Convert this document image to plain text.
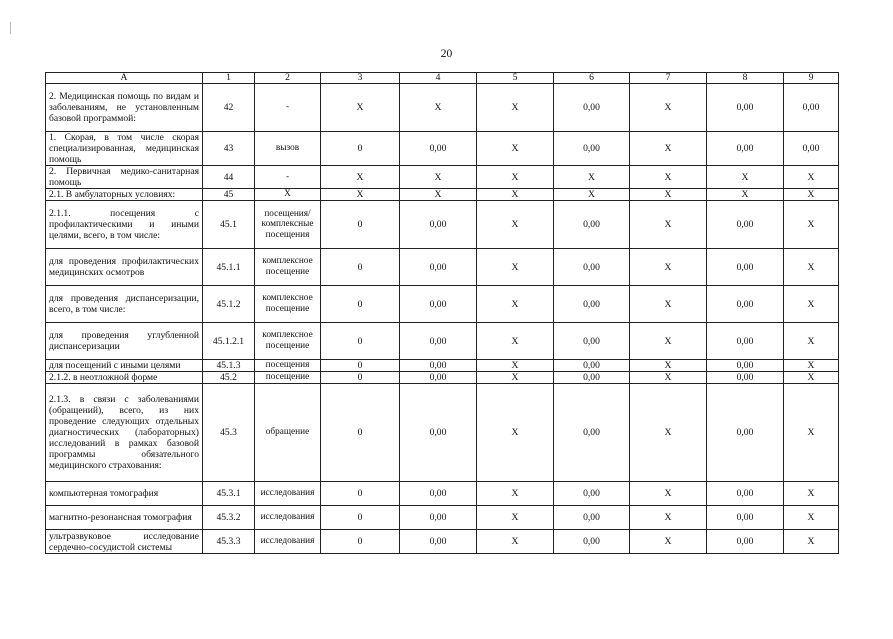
20
А	1	2	3	4	5	6	7	8	9
2. Медицинская помощь по видам и заболеваниям, не установленным базовой программой:	42	-	Х	Х	Х	0,00	Х	0,00	0,00
1. Скорая, в том числе скорая специализированная, медицинская помощь	43	вызов	0	0,00	Х	0,00	Х	0,00	0,00
2. Первичная медико-санитарная помощь	44	-	Х	Х	Х	Х	Х	Х	Х
2.1. В амбулаторных условиях:	45	Х	Х	Х	Х	Х	Х	Х	Х
2.1.1. посещения с профилактическими и иными целями, всего, в том числе:	45.1	посещения/комплексные посещения	0	0,00	Х	0,00	Х	0,00	Х
для проведения профилактических медицинских осмотров	45.1.1	комплексное посещение	0	0,00	Х	0,00	Х	0,00	Х
для проведения диспансеризации, всего, в том числе:	45.1.2	комплексное посещение	0	0,00	Х	0,00	Х	0,00	Х
для проведения углубленной диспансеризации	45.1.2.1	комплексное посещение	0	0,00	Х	0,00	Х	0,00	Х
для посещений с иными целями	45.1.3	посещения	0	0,00	Х	0,00	Х	0,00	Х
2.1.2. в неотложной форме	45.2	посещение	0	0,00	Х	0,00	Х	0,00	Х
2.1.3. в связи с заболеваниями (обращений), всего, из них проведение следующих отдельных диагностических (лабораторных) исследований в рамках базовой программы обязательного медицинского страхования:	45.3	обращение	0	0,00	Х	0,00	Х	0,00	Х
компьютерная томография	45.3.1	исследования	0	0,00	Х	0,00	Х	0,00	Х
магнитно-резонансная томография	45.3.2	исследования	0	0,00	Х	0,00	Х	0,00	Х
ультразвуковое исследование сердечно-сосудистой системы	45.3.3	исследования	0	0,00	Х	0,00	Х	0,00	Х
